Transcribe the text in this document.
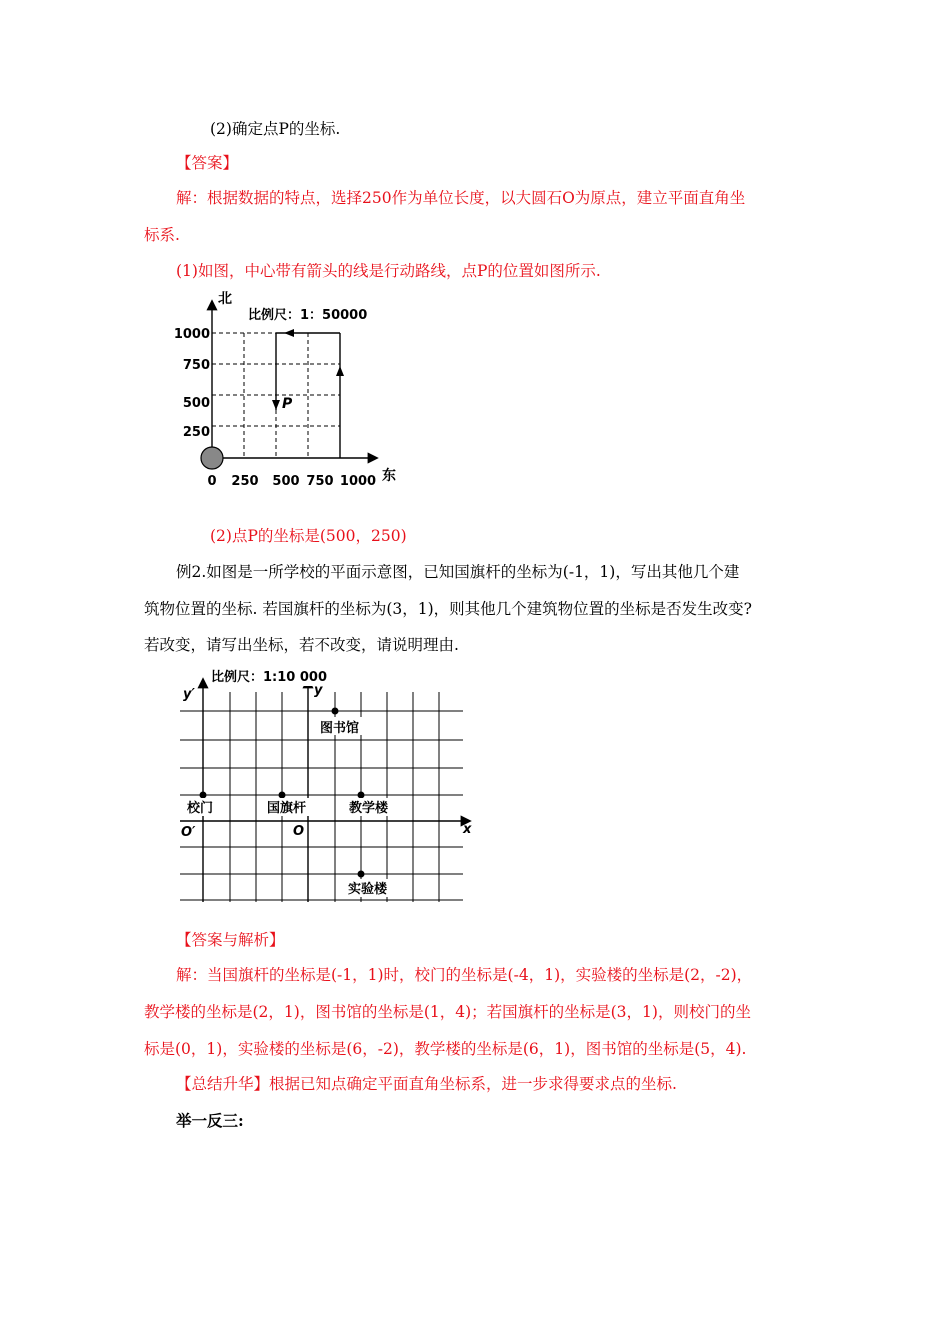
(2)确定点P的坐标.
【答案】
解：根据数据的特点，选择250作为单位长度，以大圆石O为原点，建立平面直角坐
标系.
(1)如图，中心带有箭头的线是行动路线，点P的位置如图所示.
北
比例尺：1：50000
P
1000
750
500
250
0 250 500 750 1000 东
(2)点P的坐标是(500，250)
例2.如图是一所学校的平面示意图，已知国旗杆的坐标为(-1，1)，写出其他几个建
筑物位置的坐标. 若国旗杆的坐标为(3，1)，则其他几个建筑物位置的坐标是否发生改变?
若改变，请写出坐标，若不改变，请说明理由.
比例尺：1:10 000
y′	y
图书馆
校门	国旗杆	教学楼
O′	O	x
实验楼
【答案与解析】
解：当国旗杆的坐标是(-1，1)时，校门的坐标是(-4，1)，实验楼的坐标是(2，-2)，
教学楼的坐标是(2，1)，图书馆的坐标是(1，4)；若国旗杆的坐标是(3，1)，则校门的坐
标是(0，1)，实验楼的坐标是(6，-2)，教学楼的坐标是(6，1)，图书馆的坐标是(5，4).
【总结升华】根据已知点确定平面直角坐标系，进一步求得要求点的坐标.
举一反三:
